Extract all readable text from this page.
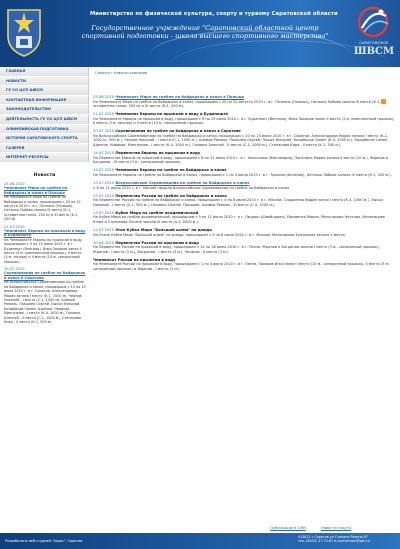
Министерство по физической культуре, спорту и туризму Саратовской области
Государственное учреждение "Саратовский областной центр
спортивной подготовки - школа высшего спортивного мастерства"
САРАТОВСКОЕ
ШВСМ
ГЛАВНАЯ
НОВОСТИ
ГУ СО ЦСП ШВСМ
КОНТАКТНАЯ ИНФОРМАЦИЯ
ЗАКОНОДАТЕЛЬСТВО
ДЕЯТЕЛЬНОСТЬ ГУ СО ЦСП ШВСМ
ОЛИМПИЙСКАЯ ПОДГОТОВКА
ИСТОРИЯ САРАТОВСКОГО СПОРТА
ГАЛЕРЕЯ
ИНТЕРНЕТ-РЕСУРСЫ
Новости
25.08.2010
Чемпионат Мира по гребле на байдарках и каноэ в Польше
На Чемпионате Мира по гребле на байдарках и каноэ, прошедшем с 20 по 22 августа 2010 г. в г. Познань (Польша), Наталья Лобова заняла III место (К-1, эстафетная гонка, 200 м) и XI место (К-1, 200 м).
21.07.2010
Чемпионат Европы по прыжкам в воду в Будапеште
На Чемпионате Европы по прыжкам в воду, прошедшем с 9 по 15 июля 2010 г. в г. Будапешт (Венгрия), Илья Захаров занял II место (3 м, комплексный прыжок), II место (3 м, личное) и II место (10 м, синхронный прыжок).
20.07.2010
Соревнования по гребле на байдарках и каноэ в Саратове
На Всероссийских Соревнованиях по гребле на байдарках и каноэ, прошедших с 10 по 15 июля 2010 г. в г. Саратов, Александрова Мария заняла I место (К-1, 1000 м), Чернов Николай - I место (С-1, 1000 м), Алимов Рамиль, Пакшаев Сергей, Лысых Николай, Колыбасов Семен, Щипков, Новиков, Мингалиев - I место (К-4, 1000 м), Головко Алексей - II место (С-1, 1000 м), Степанова Кира - II место (К-1, 500 м).
Главная » Новости компании
25.08.2010 Чемпионат Мира по гребле на байдарках и каноэ в Польше
На Чемпионате Мира по гребле на байдарках и каноэ, прошедшем с 20 по 22 августа 2010 г. в г. Познань (Польша), Наталья Лобова заняла III место (К-1, эстафетная гонка, 200 м) и XI место (К-1, 200 м).
21.07.2010 Чемпионат Европы по прыжкам в воду в Будапеште
На Чемпионате Европы по прыжкам в воду, прошедшем с 9 по 15 июля 2010 г. в г. Будапешт (Венгрия), Илья Захаров занял II место (3 м, комплексный прыжок), II место (3 м, личное) и II место (10 м, синхронный прыжок).
20.07.2010 Соревнования по гребле на байдарках и каноэ в Саратове
На Всероссийских Соревнованиях по гребле на байдарках и каноэ, прошедших с 10 по 15 июля 2010 г. в г. Саратов, Александрова Мария заняла I место (К-1, 1000 м., 500 м.), Чернов Николай - I место (С-1, 1000 м.), Алимов Рамиль, Пакшаев Сергей, Лысых Николай, Колыбасов Семен (К-4, 1000 м.), Колыбасов Семен, Щипков, Новиков, Мингалиев - I место (К-4, 1000 м.), Головко Алексей - II место (С-1, 1000 м.), Степанова Кира - II место (К-1, 500 м.).
14.07.2010 Первенство Европы по прыжкам в воду
На Первенстве Европы по прыжкам в воду, прошедшем с 8 по 11 июля 2010 г. в г. Хельсинки (Финляндия), Полунина Мария заняла II место (10 м.), Жданов и Богданов - III место (3 м., синхронный прыжок).
14.07.2010 Чемпионат Европы по гребле на байдарках и каноэ
На Чемпионате Европы по гребле на байдарках и каноэ, прошедшем с 1 по 4 июля 2010 г. в г. Тразона (Испания), Наталья Лобова заняла IV место (К-1, 200 м.).
13.07.2010 Всероссийские Соревнования по гребле на байдарках и каноэ
С 8 по 11 июля 2010 г. в г. Москва прошли Всероссийские Соревнования по гребле на байдарках и каноэ
13.07.2010 Первенство России по гребле на байдарках и каноэ
На Первенстве России по гребле на байдарках и каноэ, прошедшем с 4 по 8 июля 2010 г. в г. Москва, Сидоренко Вадим занял I место (К-4, 1000 м.), Лысых Николай - I место (С-1, 500 м.), Неловко Сергей, Пакшаев, Алимов Рамиль - III место (С-4, 1000 м.).
13.07.2010 Кубок Мира по гребле академической
На Кубке Мира по гребле академической, прошедшем с 9 по 11 июля 2010 г. в г. Люцерн (Швейцария), Ефименко Мария, Мельникова Наталия, Иноземцева Юлия и Стрелкова Оксана заняли III место (А-4, 2000 м.).
12.07.2010 Этап Кубка Мира "Большой шлем" по дзюдо
На Этапе Кубка Мира "Большой шлем" по дзюдо, прошедшем с 5 по 8 июля 2010 г. в г. Москва, Мельникова Екатерина заняла V место.
10.06.2010 Первенство России по прыжкам в воду
На Первенстве России по прыжкам в воду, прошедшем с 14 по 18 июня 2010 г. в г. Пенза, Жданов и Богданов заняли I место (3 м., синхронный прыжок), Жданов - I место (1 м.), Богданов - I место (3 м.), Чесаков - II место (3 м.).
Чемпионат России по прыжкам в воду
На Чемпионате России по прыжкам в воду, прошедшем с 1 по 4 июня 2010 г. в г. Пенза, Захаров Илья занял I место (10 м., синхронный прыжок), II место (3 м., синхронный прыжок) и Жданов - I место (1 м.).
Публикации в СМИ	Новости спорта
Разработано веб-студией "Акрос", Саратов
410012 г.Саратов ул.Степана Разина 87
тел.:(8452) 27-72-67 e-mail:shvsm@san.ru
